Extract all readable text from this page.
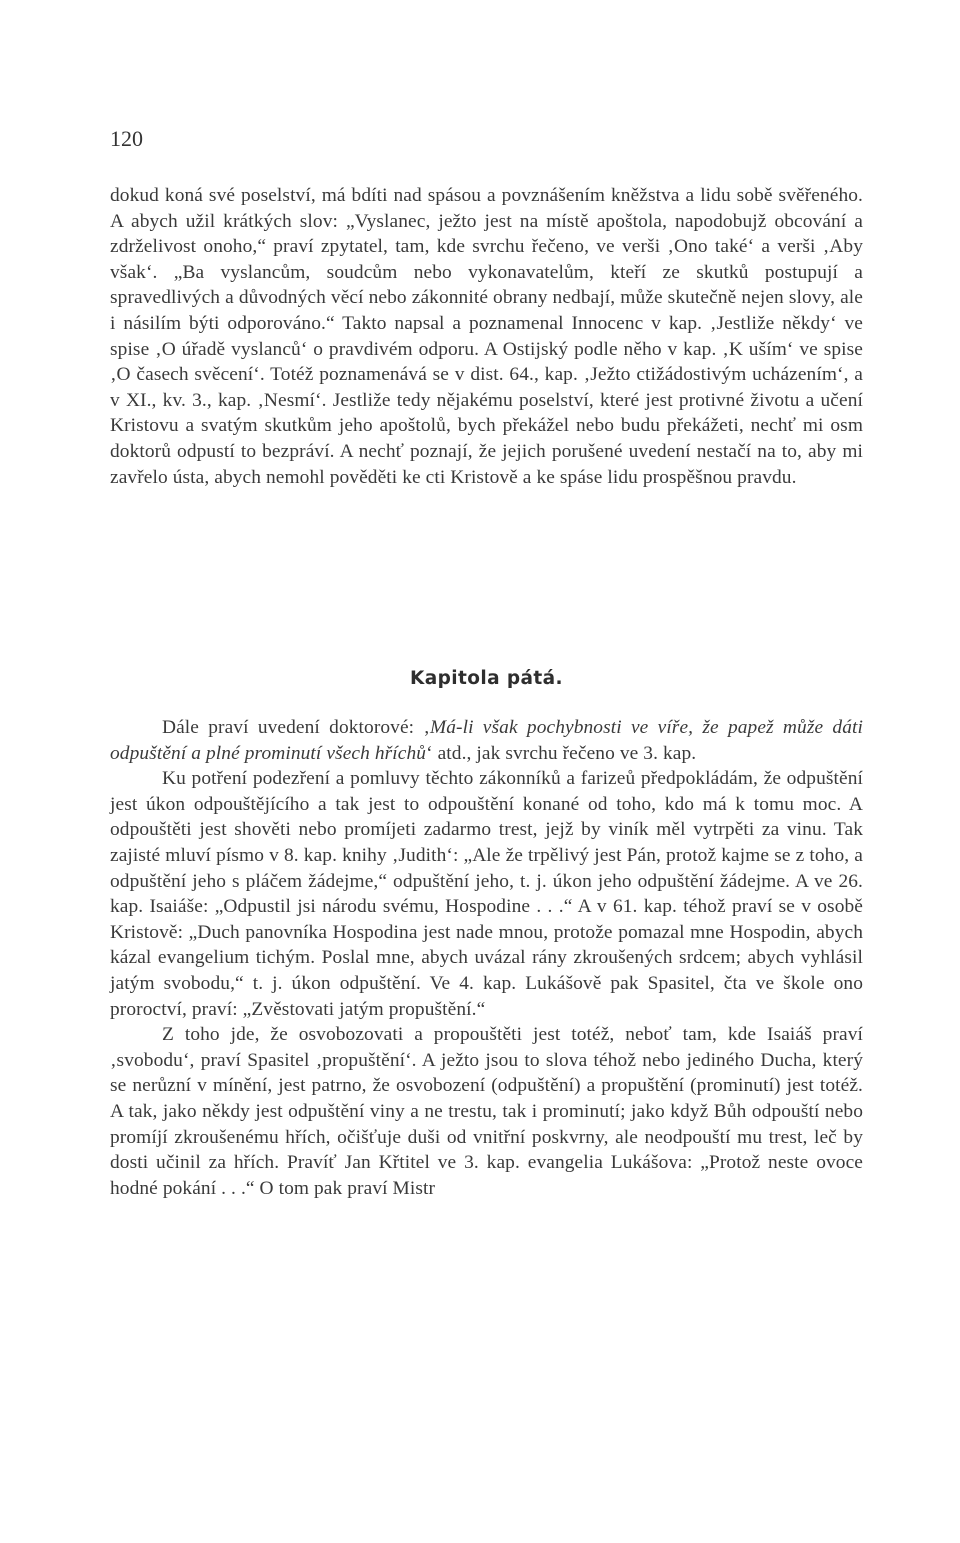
120

dokud koná své poselství, má bdíti nad spásou a povznášením kněžstva a lidu sobě svěřeného. A abych užil krátkých slov: „Vyslanec, ježto jest na místě apoštola, napodobujž obcování a zdrželivost onoho,“ praví zpytatel, tam, kde svrchu řečeno, ve verši ‚Ono také‘ a verši ‚Aby však‘. „Ba vyslancům, soudcům nebo vykonavatelům, kteří ze skutků postupují a spravedlivých a důvodných věcí nebo zákonnité obrany nedbají, může skutečně nejen slovy, ale i násilím býti odporováno.“ Takto napsal a poznamenal Innocenc v kap. ‚Jestliže někdy‘ ve spise ‚O úřadě vyslanců‘ o pravdivém odporu. A Ostijský podle něho v kap. ‚K uším‘ ve spise ‚O časech svěcení‘. Totéž poznamenává se v dist. 64., kap. ‚Ježto ctižádostivým ucházením‘, a v XI., kv. 3., kap. ‚Nesmí‘. Jestliže tedy nějakému poselství, které jest protivné životu a učení Kristovu a svatým skutkům jeho apoštolů, bych překážel nebo budu překážeti, nechť mi osm doktorů odpustí to bezpráví. A nechť poznají, že jejich porušené uvedení nestačí na to, aby mi zavřelo ústa, abych nemohl pověděti ke cti Kristově a ke spáse lidu prospěšnou pravdu.

Kapitola pátá.

Dále praví uvedení doktorové: ‚Má-li však pochybnosti ve víře, že papež může dáti odpuštění a plné prominutí všech hříchů‘ atd., jak svrchu řečeno ve 3. kap.

Ku potření podezření a pomluvy těchto zákonníků a farizeů předpokládám, že odpuštění jest úkon odpouštějícího a tak jest to odpouštění konané od toho, kdo má k tomu moc. A odpouštěti jest shověti nebo promíjeti zadarmo trest, jejž by viník měl vytrpěti za vinu. Tak zajisté mluví písmo v 8. kap. knihy ‚Judith‘: „Ale že trpělivý jest Pán, protož kajme se z toho, a odpuštění jeho s pláčem žádejme,“ odpuštění jeho, t. j. úkon jeho odpuštění žádejme. A ve 26. kap. Isaiáše: „Odpustil jsi národu svému, Hospodine . . .“ A v 61. kap. téhož praví se v osobě Kristově: „Duch panovníka Hospodina jest nade mnou, protože pomazal mne Hospodin, abych kázal evangelium tichým. Poslal mne, abych uvázal rány zkroušených srdcem; abych vyhlásil jatým svobodu,“ t. j. úkon odpuštění. Ve 4. kap. Lukášově pak Spasitel, čta ve škole ono proroctví, praví: „Zvěstovati jatým propuštění.“

Z toho jde, že osvobozovati a propouštěti jest totéž, neboť tam, kde Isaiáš praví ‚svobodu‘, praví Spasitel ‚propuštění‘. A ježto jsou to slova téhož nebo jediného Ducha, který se nerůzní v mínění, jest patrno, že osvobození (odpuštění) a propuštění (prominutí) jest totéž. A tak, jako někdy jest odpuštění viny a ne trestu, tak i prominutí; jako když Bůh odpouští nebo promíjí zkroušenému hřích, očišťuje duši od vnitřní poskvrny, ale neodpouští mu trest, leč by dosti učinil za hřích. Pravíť Jan Křtitel ve 3. kap. evangelia Lukášova: „Protož neste ovoce hodné pokání . . .“ O tom pak praví Mistr
